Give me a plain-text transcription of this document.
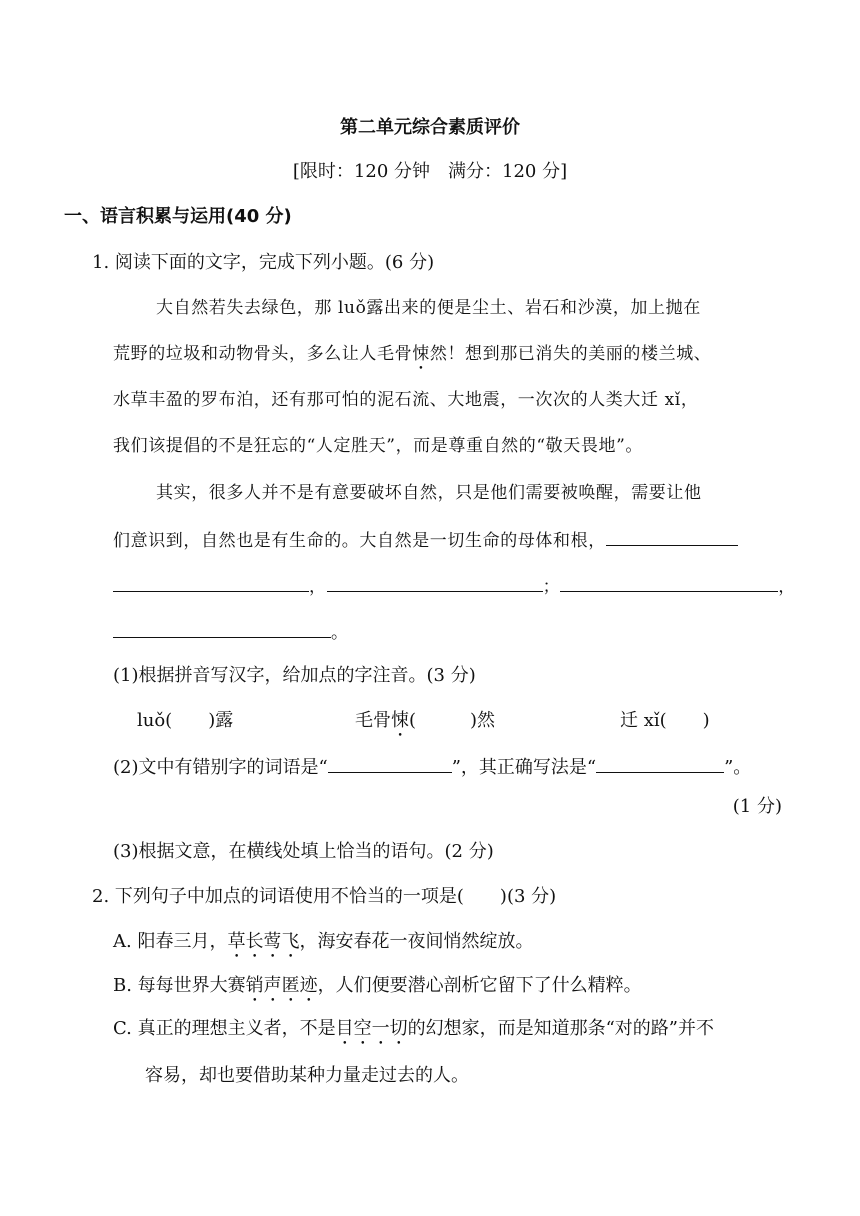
第二单元综合素质评价
[限时：120 分钟　满分：120 分]
一、语言积累与运用(40 分)
1. 阅读下面的文字，完成下列小题。(6 分)
大自然若失去绿色，那 luǒ露出来的便是尘土、岩石和沙漠，加上抛在
荒野的垃圾和动物骨头，多么让人毛骨悚然！想到那已消失的美丽的楼兰城、
水草丰盈的罗布泊，还有那可怕的泥石流、大地震，一次次的人类大迁 xǐ，
我们该提倡的不是狂忘的“人定胜天”，而是尊重自然的“敬天畏地”。
其实，很多人并不是有意要破坏自然，只是他们需要被唤醒，需要让他
们意识到，自然也是有生命的。大自然是一切生命的母体和根，
，	；	，
。
(1)根据拼音写汉字，给加点的字注音。(3 分)
luǒ(　　)露	毛骨悚(　　　)然	迁 xǐ(　　)
(2)文中有错别字的词语是“	”，其正确写法是“	”。
(1 分)
(3)根据文意，在横线处填上恰当的语句。(2 分)
2. 下列句子中加点的词语使用不恰当的一项是(　　)(3 分)
A. 阳春三月，草长莺飞，海安春花一夜间悄然绽放。
B. 每每世界大赛销声匿迹，人们便要潜心剖析它留下了什么精粹。
C. 真正的理想主义者，不是目空一切的幻想家，而是知道那条“对的路”并不
容易，却也要借助某种力量走过去的人。
